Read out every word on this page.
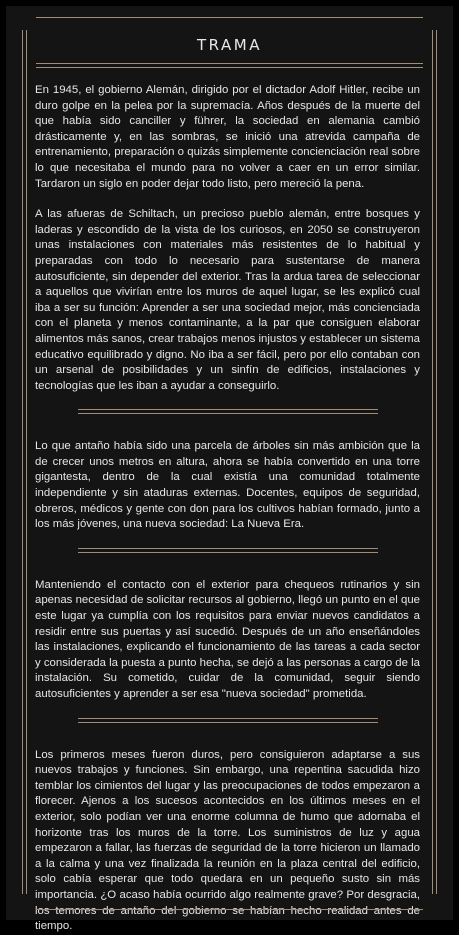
TRAMA

En 1945, el gobierno Alemán, dirigido por el dictador Adolf Hitler, recibe un duro golpe en la pelea por la supremacía. Años después de la muerte del que había sido canciller y führer, la sociedad en alemania cambió drásticamente y, en las sombras, se inició una atrevida campaña de entrenamiento, preparación o quizás simplemente concienciación real sobre lo que necesitaba el mundo para no volver a caer en un error similar. Tardaron un siglo en poder dejar todo listo, pero mereció la pena.

A las afueras de Schiltach, un precioso pueblo alemán, entre bosques y laderas y escondido de la vista de los curiosos, en 2050 se construyeron unas instalaciones con materiales más resistentes de lo habitual y preparadas con todo lo necesario para sustentarse de manera autosuficiente, sin depender del exterior. Tras la ardua tarea de seleccionar a aquellos que vivirían entre los muros de aquel lugar, se les explicó cual iba a ser su función: Aprender a ser una sociedad mejor, más concienciada con el planeta y menos contaminante, a la par que consiguen elaborar alimentos más sanos, crear trabajos menos injustos y establecer un sistema educativo equilibrado y digno. No iba a ser fácil, pero por ello contaban con un arsenal de posibilidades y un sinfín de edificios, instalaciones y tecnologías que les iban a ayudar a conseguirlo.

Lo que antaño había sido una parcela de árboles sin más ambición que la de crecer unos metros en altura, ahora se había convertido en una torre gigantesta, dentro de la cual existía una comunidad totalmente independiente y sin ataduras externas. Docentes, equipos de seguridad, obreros, médicos y gente con don para los cultivos habían formado, junto a los más jóvenes, una nueva sociedad: La Nueva Era.

Manteniendo el contacto con el exterior para chequeos rutinarios y sin apenas necesidad de solicitar recursos al gobierno, llegó un punto en el que este lugar ya cumplía con los requisitos para enviar nuevos candidatos a residir entre sus puertas y así sucedió. Después de un año enseñándoles las instalaciones, explicando el funcionamiento de las tareas a cada sector y considerada la puesta a punto hecha, se dejó a las personas a cargo de la instalación. Su cometido, cuidar de la comunidad, seguir siendo autosuficientes y aprender a ser esa "nueva sociedad" prometida.

Los primeros meses fueron duros, pero consiguieron adaptarse a sus nuevos trabajos y funciones. Sin embargo, una repentina sacudida hizo temblar los cimientos del lugar y las preocupaciones de todos empezaron a florecer. Ajenos a los sucesos acontecidos en los últimos meses en el exterior, solo podían ver una enorme columna de humo que adornaba el horizonte tras los muros de la torre. Los suministros de luz y agua empezaron a fallar, las fuerzas de seguridad de la torre hicieron un llamado a la calma y una vez finalizada la reunión en la plaza central del edificio, solo cabía esperar que todo quedara en un pequeño susto sin más importancia. ¿O acaso había ocurrido algo realmente grave? Por desgracia, los temores de antaño del gobierno se habían hecho realidad antes de tiempo.
